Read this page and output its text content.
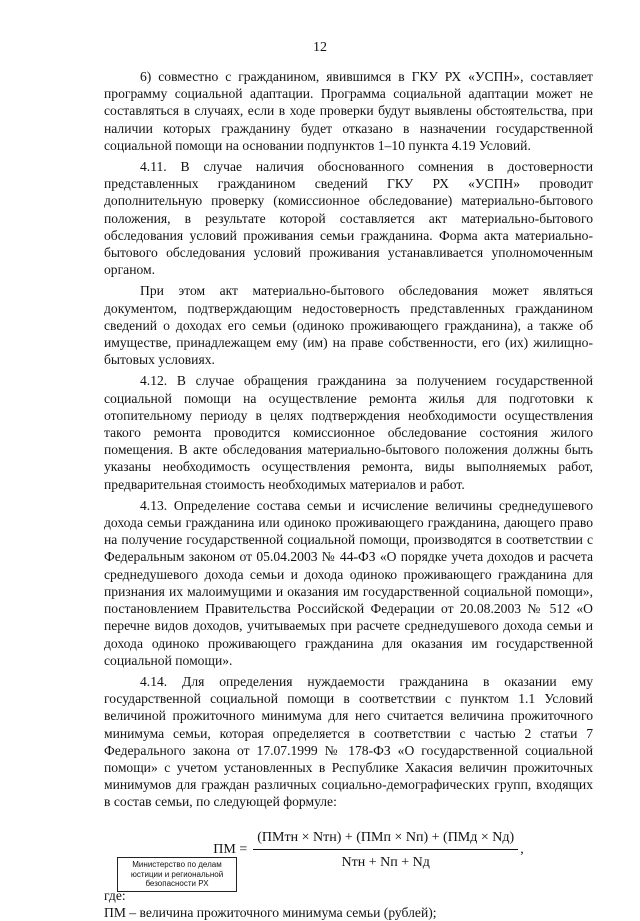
12

6) совместно с гражданином, явившимся в ГКУ РХ «УСПН», составляет программу социальной адаптации. Программа социальной адаптации может не составляться в случаях, если в ходе проверки будут выявлены обстоятельства, при наличии которых гражданину будет отказано в назначении государственной социальной помощи на основании подпунктов 1–10 пункта 4.19 Условий.

4.11. В случае наличия обоснованного сомнения в достоверности представленных гражданином сведений ГКУ РХ «УСПН» проводит дополнительную проверку (комиссионное обследование) материально-бытового положения, в результате которой составляется акт материально-бытового обследования условий проживания семьи гражданина. Форма акта материально-бытового обследования условий проживания устанавливается уполномоченным органом.

При этом акт материально-бытового обследования может являться документом, подтверждающим недостоверность представленных гражданином сведений о доходах его семьи (одиноко проживающего гражданина), а также об имуществе, принадлежащем ему (им) на праве собственности, его (их) жилищно-бытовых условиях.

4.12. В случае обращения гражданина за получением государственной социальной помощи на осуществление ремонта жилья для подготовки к отопительному периоду в целях подтверждения необходимости осуществления такого ремонта проводится комиссионное обследование состояния жилого помещения. В акте обследования материально-бытового положения должны быть указаны необходимость осуществления ремонта, виды выполняемых работ, предварительная стоимость необходимых материалов и работ.

4.13. Определение состава семьи и исчисление величины среднедушевого дохода семьи гражданина или одиноко проживающего гражданина, дающего право на получение государственной социальной помощи, производятся в соответствии с Федеральным законом от 05.04.2003 № 44-ФЗ «О порядке учета доходов и расчета среднедушевого дохода семьи и дохода одиноко проживающего гражданина для признания их малоимущими и оказания им государственной социальной помощи», постановлением Правительства Российской Федерации от 20.08.2003 № 512 «О перечне видов доходов, учитываемых при расчете среднедушевого дохода семьи и дохода одиноко проживающего гражданина для оказания им государственной социальной помощи».

4.14. Для определения нуждаемости гражданина в оказании ему государственной социальной помощи в соответствии с пунктом 1.1 Условий величиной прожиточного минимума для него считается величина прожиточного минимума семьи, которая определяется в соответствии с частью 2 статьи 7 Федерального закона от 17.07.1999 № 178-ФЗ «О государственной социальной помощи» с учетом установленных в Республике Хакасия величин прожиточных минимумов для граждан различных социально-демографических групп, входящих в состав семьи, по следующей формуле:

ПМ = $\frac{\text{(ПМтн × Nтн) + (ПМп × Nп) + (ПМд × Nд)}}{\text{Nтн + Nп + Nд}}$ ,

где:

ПМ – величина прожиточного минимума семьи (рублей);

Министерство по делам юстиции и региональной безопасности РХ
